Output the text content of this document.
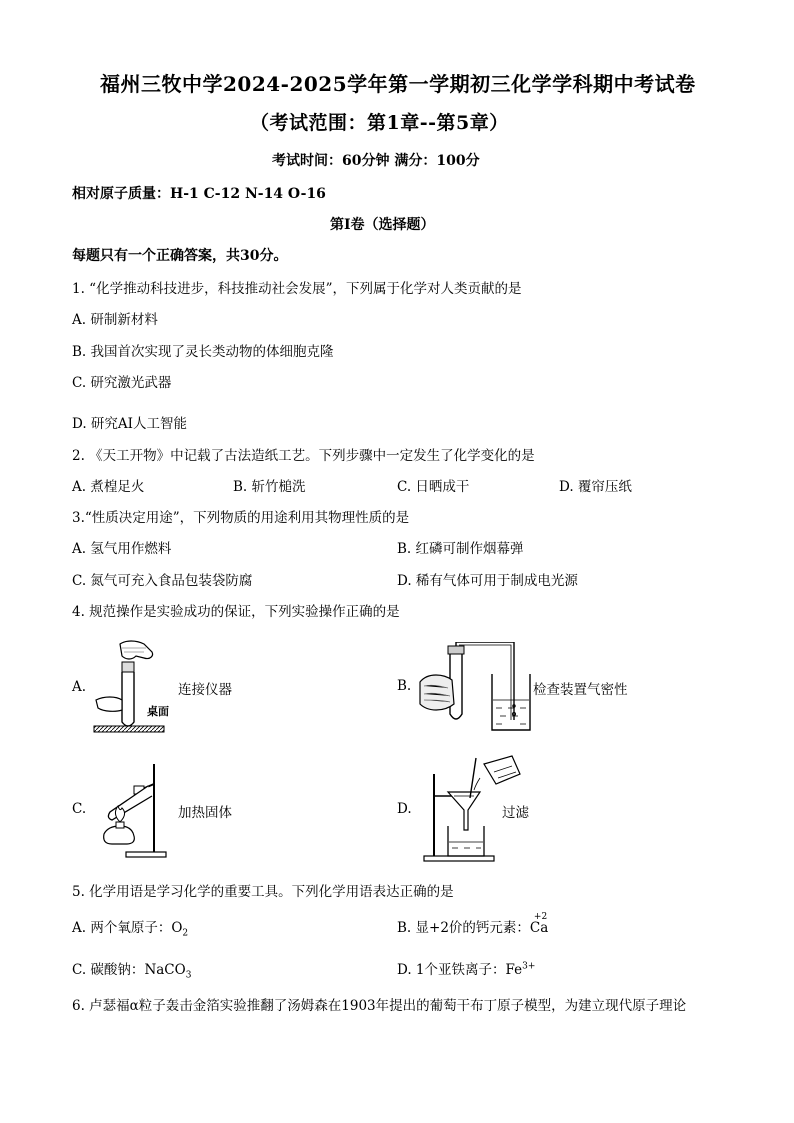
福州三牧中学2024-2025学年第一学期初三化学学科期中考试卷
（考试范围：第1章--第5章）
考试时间：60分钟 满分：100分
相对原子质量：H-1 C-12 N-14 O-16
第Ⅰ卷（选择题）
每题只有一个正确答案，共30分。
1. “化学推动科技进步，科技推动社会发展”，下列属于化学对人类贡献的是
A. 研制新材料
B. 我国首次实现了灵长类动物的体细胞克隆
C. 研究激光武器
D. 研究AI人工智能
2. 《天工开物》中记载了古法造纸工艺。下列步骤中一定发生了化学变化的是
A. 煮楻足火	B. 斩竹槌洗	C. 日晒成干	D. 覆帘压纸
3.“性质决定用途”，下列物质的用途利用其物理性质的是
A. 氢气用作燃料	B. 红磷可制作烟幕弹
C. 氮气可充入食品包装袋防腐	D. 稀有气体可用于制成电光源
4. 规范操作是实验成功的保证，下列实验操作正确的是
A.
桌面
连接仪器	B.	检查装置气密性
C.	加热固体	D.	过滤
5. 化学用语是学习化学的重要工具。下列化学用语表达正确的是
A. 两个氧原子：$O_2$	B. 显+2价的钙元素：
+2
Ca
C. 碳酸钠：NaCO$_3$	D. 1个亚铁离子：$Fe^{3+}$
6. 卢瑟福α粒子轰击金箔实验推翻了汤姆森在1903年提出的葡萄干布丁原子模型，为建立现代原子理论
